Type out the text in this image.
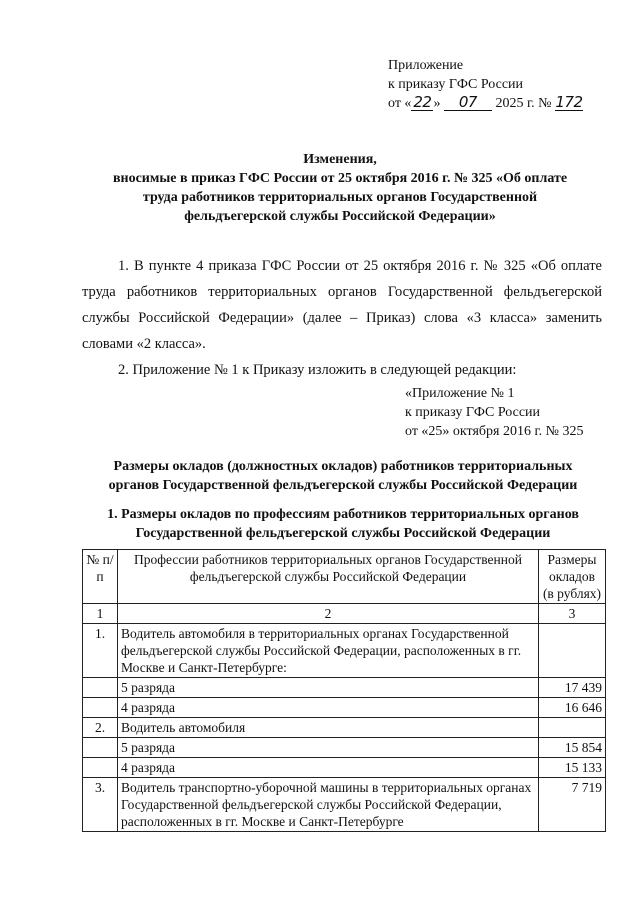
Приложение
к приказу ГФС России
от « 22 » 07 2025 г. № 172
Изменения,
вносимые в приказ ГФС России от 25 октября 2016 г. № 325 «Об оплате
труда работников территориальных органов Государственной
фельдъегерской службы Российской Федерации»
1. В пункте 4 приказа ГФС России от 25 октября 2016 г. № 325 «Об оплате труда работников территориальных органов Государственной фельдъегерской службы Российской Федерации» (далее – Приказ) слова «3 класса» заменить словами «2 класса».
2. Приложение № 1 к Приказу изложить в следующей редакции:
«Приложение № 1
к приказу ГФС России
от «25» октября 2016 г. № 325
Размеры окладов (должностных окладов) работников территориальных
органов Государственной фельдъегерской службы Российской Федерации
1. Размеры окладов по профессиям работников территориальных органов
Государственной фельдъегерской службы Российской Федерации
№ п/п	Профессии работников территориальных органов Государственной фельдъегерской службы Российской Федерации	Размеры окладов (в рублях)
1	2	3
1.	Водитель автомобиля в территориальных органах Государственной фельдъегерской службы Российской Федерации, расположенных в гг. Москве и Санкт-Петербурге:	
	5 разряда	17 439
	4 разряда	16 646
2.	Водитель автомобиля	
	5 разряда	15 854
	4 разряда	15 133
3.	Водитель транспортно-уборочной машины в территориальных органах Государственной фельдъегерской службы Российской Федерации, расположенных в гг. Москве и Санкт-Петербурге	7 719
